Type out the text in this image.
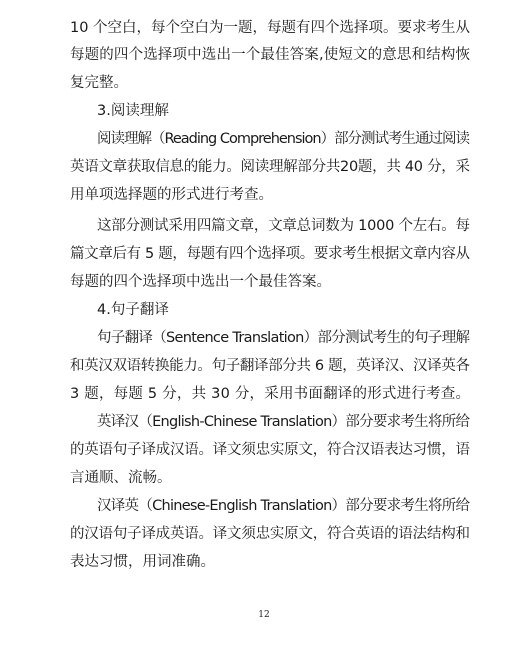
10 个空白，每个空白为一题，每题有四个选择项。要求考生从
每题的四个选择项中选出一个最佳答案,使短文的意思和结构恢
复完整。
3.阅读理解
阅读理解（Reading Comprehension）部分测试考生通过阅读
英语文章获取信息的能力。阅读理解部分共20题，共 40 分，采
用单项选择题的形式进行考查。
这部分测试采用四篇文章，文章总词数为 1000 个左右。每
篇文章后有 5 题，每题有四个选择项。要求考生根据文章内容从
每题的四个选择项中选出一个最佳答案。
4.句子翻译
句子翻译（Sentence Translation）部分测试考生的句子理解
和英汉双语转换能力。句子翻译部分共 6 题，英译汉、汉译英各
3 题，每题 5 分，共 30 分，采用书面翻译的形式进行考查。
英译汉（English-Chinese Translation）部分要求考生将所给
的英语句子译成汉语。译文须忠实原文，符合汉语表达习惯，语
言通顺、流畅。
汉译英（Chinese-English Translation）部分要求考生将所给
的汉语句子译成英语。译文须忠实原文，符合英语的语法结构和
表达习惯，用词准确。
12
